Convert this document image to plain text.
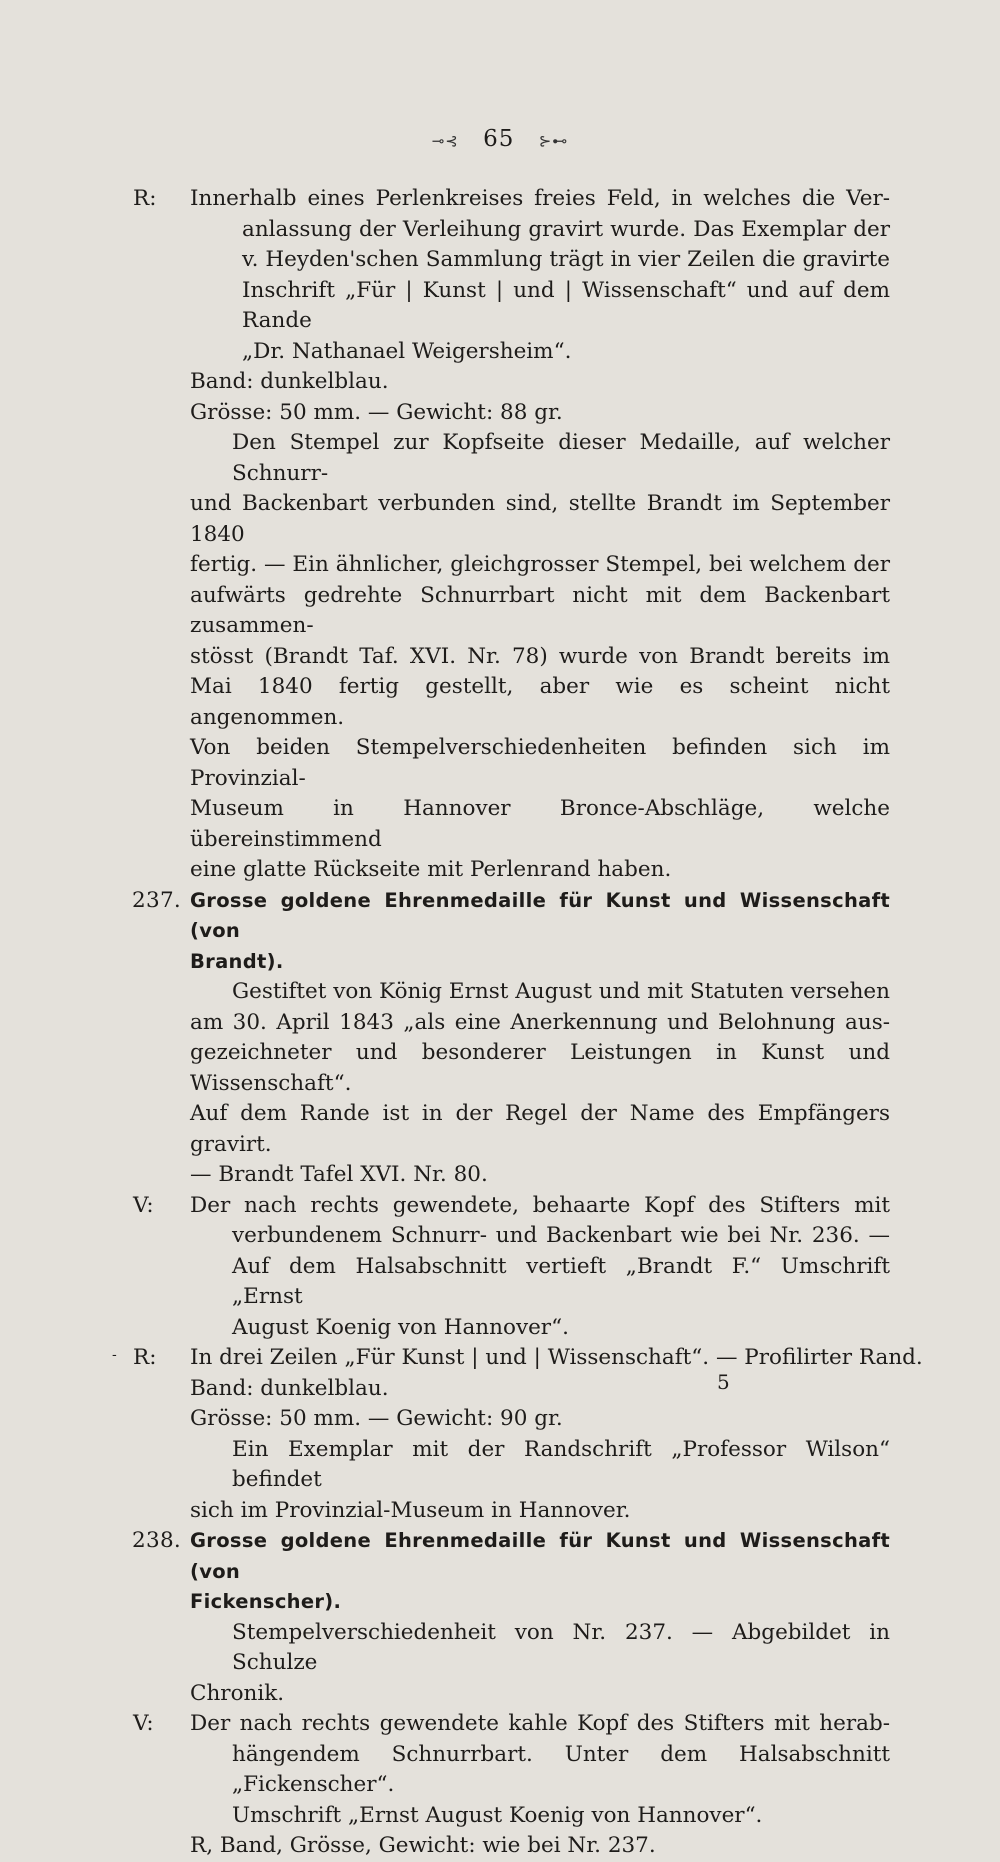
⊸⊰ 65 ⊱⊷
R: Innerhalb eines Perlenkreises freies Feld, in welches die Ver-
anlassung der Verleihung gravirt wurde. Das Exemplar der
v. Heyden'schen Sammlung trägt in vier Zeilen die gravirte
Inschrift „Für | Kunst | und | Wissenschaft“ und auf dem Rande
„Dr. Nathanael Weigersheim“.
Band: dunkelblau.
Grösse: 50 mm. — Gewicht: 88 gr.
Den Stempel zur Kopfseite dieser Medaille, auf welcher Schnurr-
und Backenbart verbunden sind, stellte Brandt im September 1840
fertig. — Ein ähnlicher, gleichgrosser Stempel, bei welchem der
aufwärts gedrehte Schnurrbart nicht mit dem Backenbart zusammen-
stösst (Brandt Taf. XVI. Nr. 78) wurde von Brandt bereits im
Mai 1840 fertig gestellt, aber wie es scheint nicht angenommen.
Von beiden Stempelverschiedenheiten befinden sich im Provinzial-
Museum in Hannover Bronce-Abschläge, welche übereinstimmend
eine glatte Rückseite mit Perlenrand haben.
237. Grosse goldene Ehrenmedaille für Kunst und Wissenschaft (von
Brandt).
Gestiftet von König Ernst August und mit Statuten versehen
am 30. April 1843 „als eine Anerkennung und Belohnung aus-
gezeichneter und besonderer Leistungen in Kunst und Wissenschaft“.
Auf dem Rande ist in der Regel der Name des Empfängers gravirt.
— Brandt Tafel XVI. Nr. 80.
V: Der nach rechts gewendete, behaarte Kopf des Stifters mit
verbundenem Schnurr- und Backenbart wie bei Nr. 236. —
Auf dem Halsabschnitt vertieft „Brandt F.“ Umschrift „Ernst
August Koenig von Hannover“.
R: In drei Zeilen „Für Kunst | und | Wissenschaft“. — Profilirter Rand.
Band: dunkelblau.
Grösse: 50 mm. — Gewicht: 90 gr.
Ein Exemplar mit der Randschrift „Professor Wilson“ befindet
sich im Provinzial-Museum in Hannover.
238. Grosse goldene Ehrenmedaille für Kunst und Wissenschaft (von
Fickenscher).
Stempelverschiedenheit von Nr. 237. — Abgebildet in Schulze
Chronik.
V: Der nach rechts gewendete kahle Kopf des Stifters mit herab-
hängendem Schnurrbart. Unter dem Halsabschnitt „Fickenscher“.
Umschrift „Ernst August Koenig von Hannover“.
R, Band, Grösse, Gewicht: wie bei Nr. 237.
-
5
